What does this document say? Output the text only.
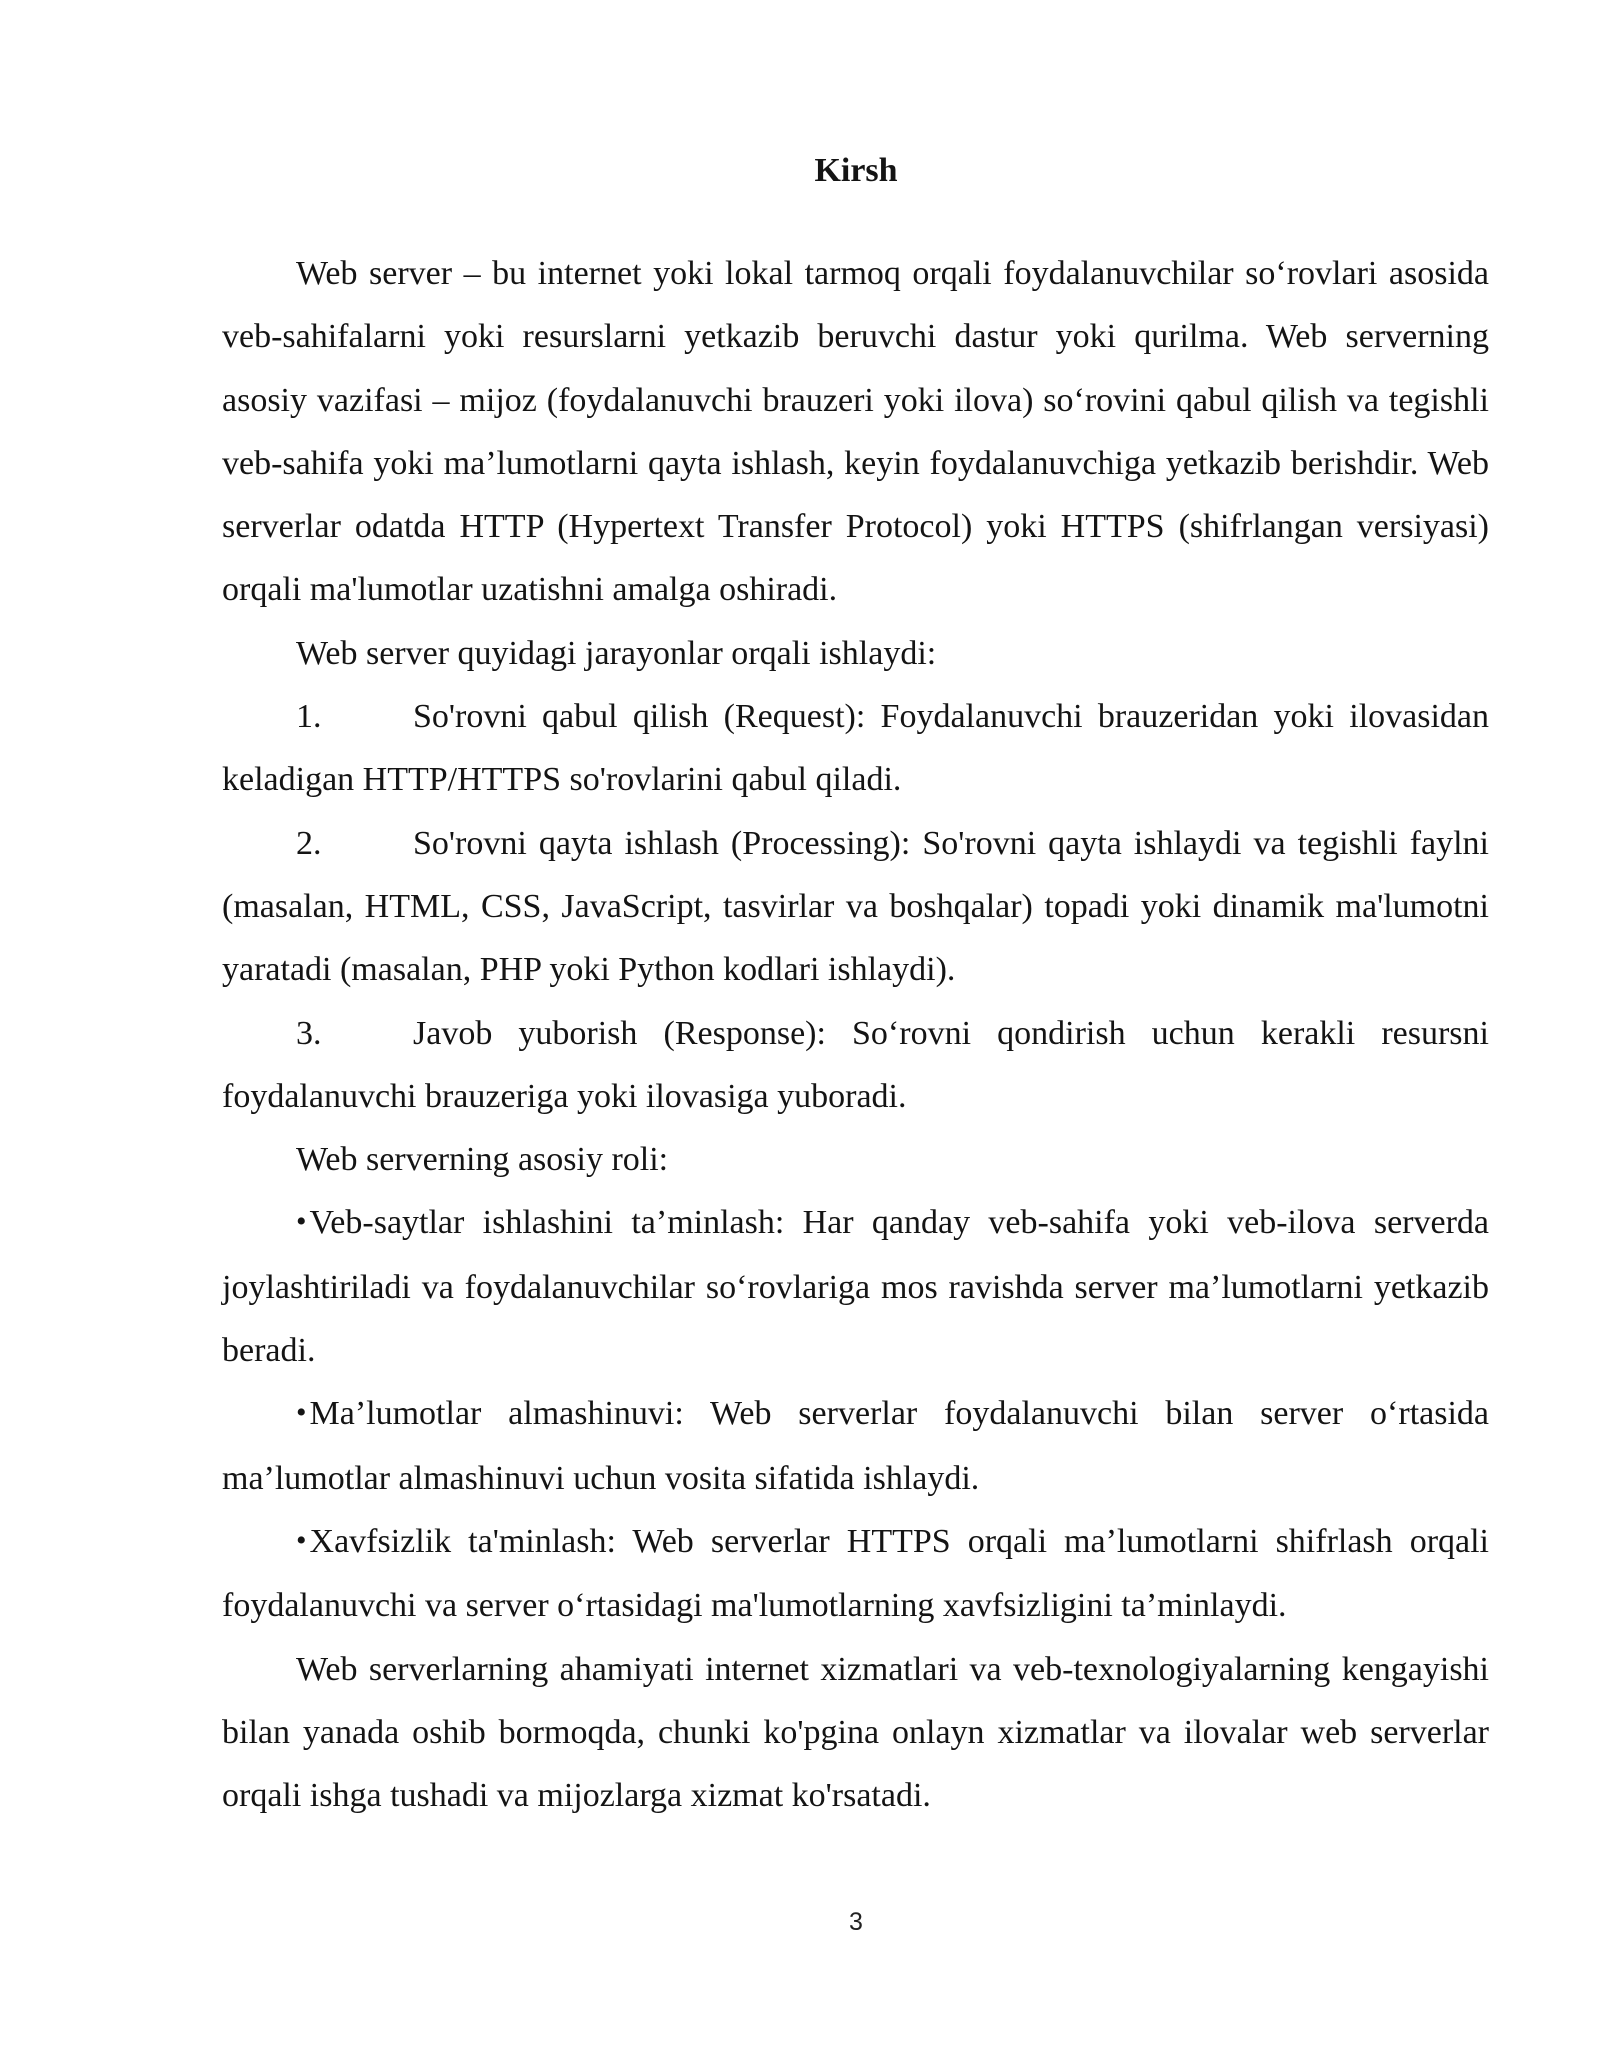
Kirsh

Web server – bu internet yoki lokal tarmoq orqali foydalanuvchilar so‘rovlari asosida veb-sahifalarni yoki resurslarni yetkazib beruvchi dastur yoki qurilma. Web serverning asosiy vazifasi – mijoz (foydalanuvchi brauzeri yoki ilova) so‘rovini qabul qilish va tegishli veb-sahifa yoki ma’lumotlarni qayta ishlash, keyin foydalanuvchiga yetkazib berishdir. Web serverlar odatda HTTP (Hypertext Transfer Protocol) yoki HTTPS (shifrlangan versiyasi) orqali ma'lumotlar uzatishni amalga oshiradi.

Web server quyidagi jarayonlar orqali ishlaydi:

1.	So'rovni qabul qilish (Request): Foydalanuvchi brauzeridan yoki ilovasidan keladigan HTTP/HTTPS so'rovlarini qabul qiladi.

2.	So'rovni qayta ishlash (Processing): So'rovni qayta ishlaydi va tegishli faylni (masalan, HTML, CSS, JavaScript, tasvirlar va boshqalar) topadi yoki dinamik ma'lumotni yaratadi (masalan, PHP yoki Python kodlari ishlaydi).

3.	Javob yuborish (Response): So‘rovni qondirish uchun kerakli resursni foydalanuvchi brauzeriga yoki ilovasiga yuboradi.

Web serverning asosiy roli:

•Veb-saytlar ishlashini ta’minlash: Har qanday veb-sahifa yoki veb-ilova serverda joylashtiriladi va foydalanuvchilar so‘rovlariga mos ravishda server ma’lumotlarni yetkazib beradi.

•Ma’lumotlar almashinuvi: Web serverlar foydalanuvchi bilan server o‘rtasida ma’lumotlar almashinuvi uchun vosita sifatida ishlaydi.

•Xavfsizlik ta'minlash: Web serverlar HTTPS orqali ma’lumotlarni shifrlash orqali foydalanuvchi va server o‘rtasidagi ma'lumotlarning xavfsizligini ta’minlaydi.

Web serverlarning ahamiyati internet xizmatlari va veb-texnologiyalarning kengayishi bilan yanada oshib bormoqda, chunki ko'pgina onlayn xizmatlar va ilovalar web serverlar orqali ishga tushadi va mijozlarga xizmat ko'rsatadi.

3
